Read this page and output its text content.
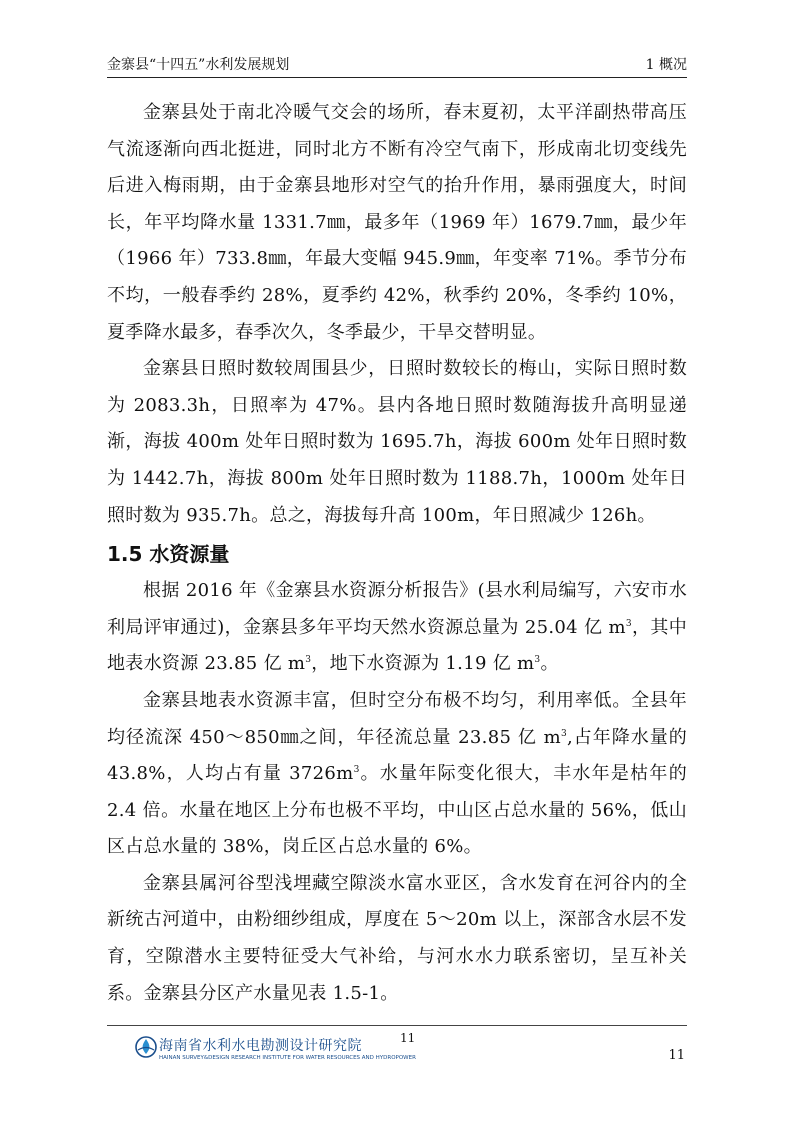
金寨县“十四五”水利发展规划	1 概况

金寨县处于南北冷暖气交会的场所，春末夏初，太平洋副热带高压气流逐渐向西北挺进，同时北方不断有冷空气南下，形成南北切变线先后进入梅雨期，由于金寨县地形对空气的抬升作用，暴雨强度大，时间长，年平均降水量 1331.7㎜，最多年（1969 年）1679.7㎜，最少年（1966 年）733.8㎜，年最大变幅 945.9㎜，年变率 71%。季节分布不均，一般春季约 28%，夏季约 42%，秋季约 20%，冬季约 10%，夏季降水最多，春季次久，冬季最少，干旱交替明显。

金寨县日照时数较周围县少，日照时数较长的梅山，实际日照时数为 2083.3h，日照率为 47%。县内各地日照时数随海拔升高明显递渐，海拔 400m 处年日照时数为 1695.7h，海拔 600m 处年日照时数为 1442.7h，海拔 800m 处年日照时数为 1188.7h，1000m 处年日照时数为 935.7h。总之，海拔每升高 100m，年日照减少 126h。

1.5 水资源量

根据 2016 年《金寨县水资源分析报告》(县水利局编写，六安市水利局评审通过)，金寨县多年平均天然水资源总量为 25.04 亿 $m^3$，其中地表水资源 23.85 亿 $m^3$，地下水资源为 1.19 亿 $m^3$。

金寨县地表水资源丰富，但时空分布极不均匀，利用率低。全县年均径流深 450～850㎜之间，年径流总量 23.85 亿 $m^3$,占年降水量的 43.8%，人均占有量 $3726m^3$。水量年际变化很大，丰水年是枯年的 2.4 倍。水量在地区上分布也极不平均，中山区占总水量的 56%，低山区占总水量的 38%，岗丘区占总水量的 6%。

金寨县属河谷型浅埋藏空隙淡水富水亚区，含水发育在河谷内的全新统古河道中，由粉细纱组成，厚度在 5～20m 以上，深部含水层不发育，空隙潜水主要特征受大气补给，与河水水力联系密切，呈互补关系。金寨县分区产水量见表 1.5-1。

海南省水利水电勘测设计研究院
HAINAN SURVEY&DESIGN RESEARCH INSTITUTE FOR WATER RESOURCES AND HYDROPOWER
11
11
